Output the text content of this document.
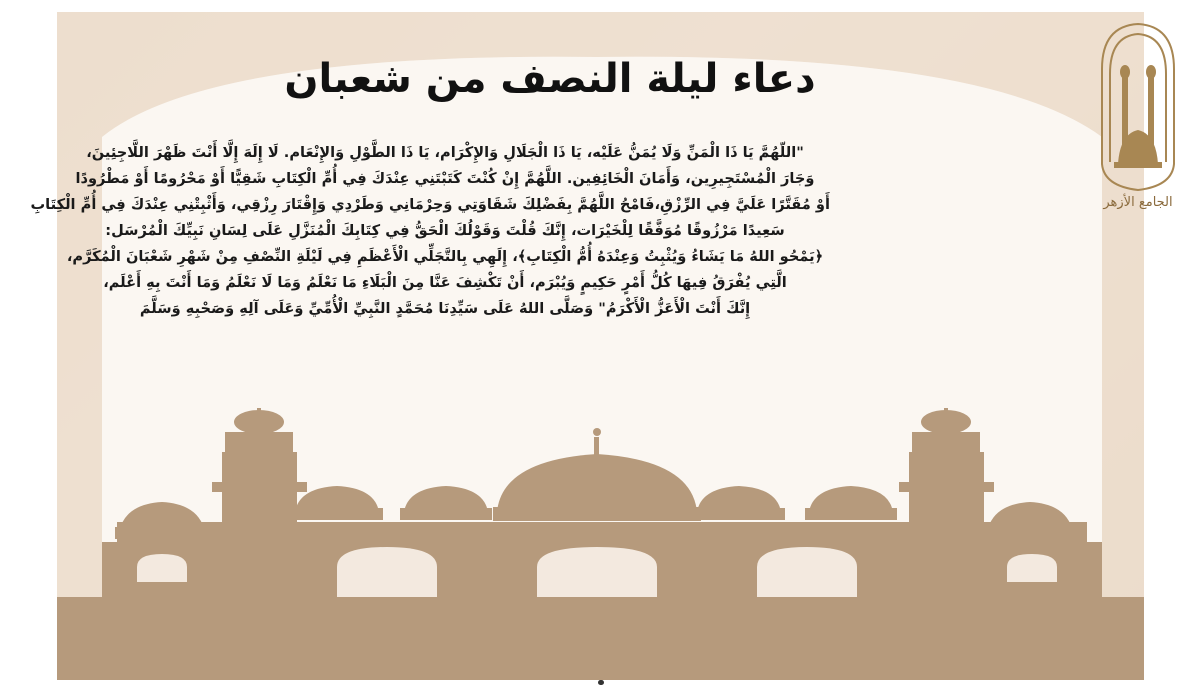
دعاء ليلة النصف من شعبان
"اللّهُمَّ يَا ذَا الْمَنِّ وَلَا يُمَنُّ عَلَيْه، يَا ذَا الْجَلَالِ وَالإِكْرَام، يَا ذَا الطَّوْلِ وَالإِنْعَام. لَا إِلَهَ إِلَّا أَنْتَ ظَهْرَ اللَّاجِئِينَ،
وَجَارَ الْمُسْتَجِيرِين، وَأَمَانَ الْخَائِفِين. اللَّهُمَّ إِنْ كُنْتَ كَتَبْتَنِي عِنْدَكَ فِي أُمِّ الْكِتَابِ شَقِيًّا أَوْ مَحْرُومًا أَوْ مَطْرُودًا
أَوْ مُقَتَّرًا عَلَيَّ فِي الرِّزْقِ،فَامْحُ اللَّهُمَّ بِفَضْلِكَ شَقَاوَتِي وَحِرْمَانِي وَطَرْدِي وَإِقْتَارَ رِزْقِي، وَأَثْبِتْنِي عِنْدَكَ فِي أُمِّ الْكِتَابِ
سَعِيدًا مَرْزُوقًا مُوَفَّقًا لِلْخَيْرَات، إِنَّكَ قُلْتَ وَقَوْلُكَ الْحَقُّ فِي كِتَابِكَ الْمُنَزَّلِ عَلَى لِسَانِ نَبِيِّكَ الْمُرْسَل:
﴿يَمْحُو اللهُ مَا يَشَاءُ وَيُثْبِتُ وَعِنْدَهُ أُمُّ الْكِتَابِ﴾، إِلَهِي بِالتَّجَلِّي الْأَعْظَمِ فِي لَيْلَةِ النِّصْفِ مِنْ شَهْرِ شَعْبَانَ الْمُكَرَّم،
الَّتِي يُفْرَقُ فِيهَا كُلُّ أَمْرٍ حَكِيمٍ وَيُبْرَم، أَنْ تَكْشِفَ عَنَّا مِنَ الْبَلَاءِ مَا نَعْلَمُ وَمَا لَا نَعْلَمُ وَمَا أَنْتَ بِهِ أَعْلَم،
إِنَّكَ أَنْتَ الْأَعَزُّ الْأَكْرَمُ" وَصَلَّى اللهُ عَلَى سَيِّدِنَا مُحَمَّدٍ النَّبِيِّ الْأُمِّيِّ وَعَلَى آلِهِ وَصَحْبِهِ وَسَلَّمَ
الجامع الأزهر
